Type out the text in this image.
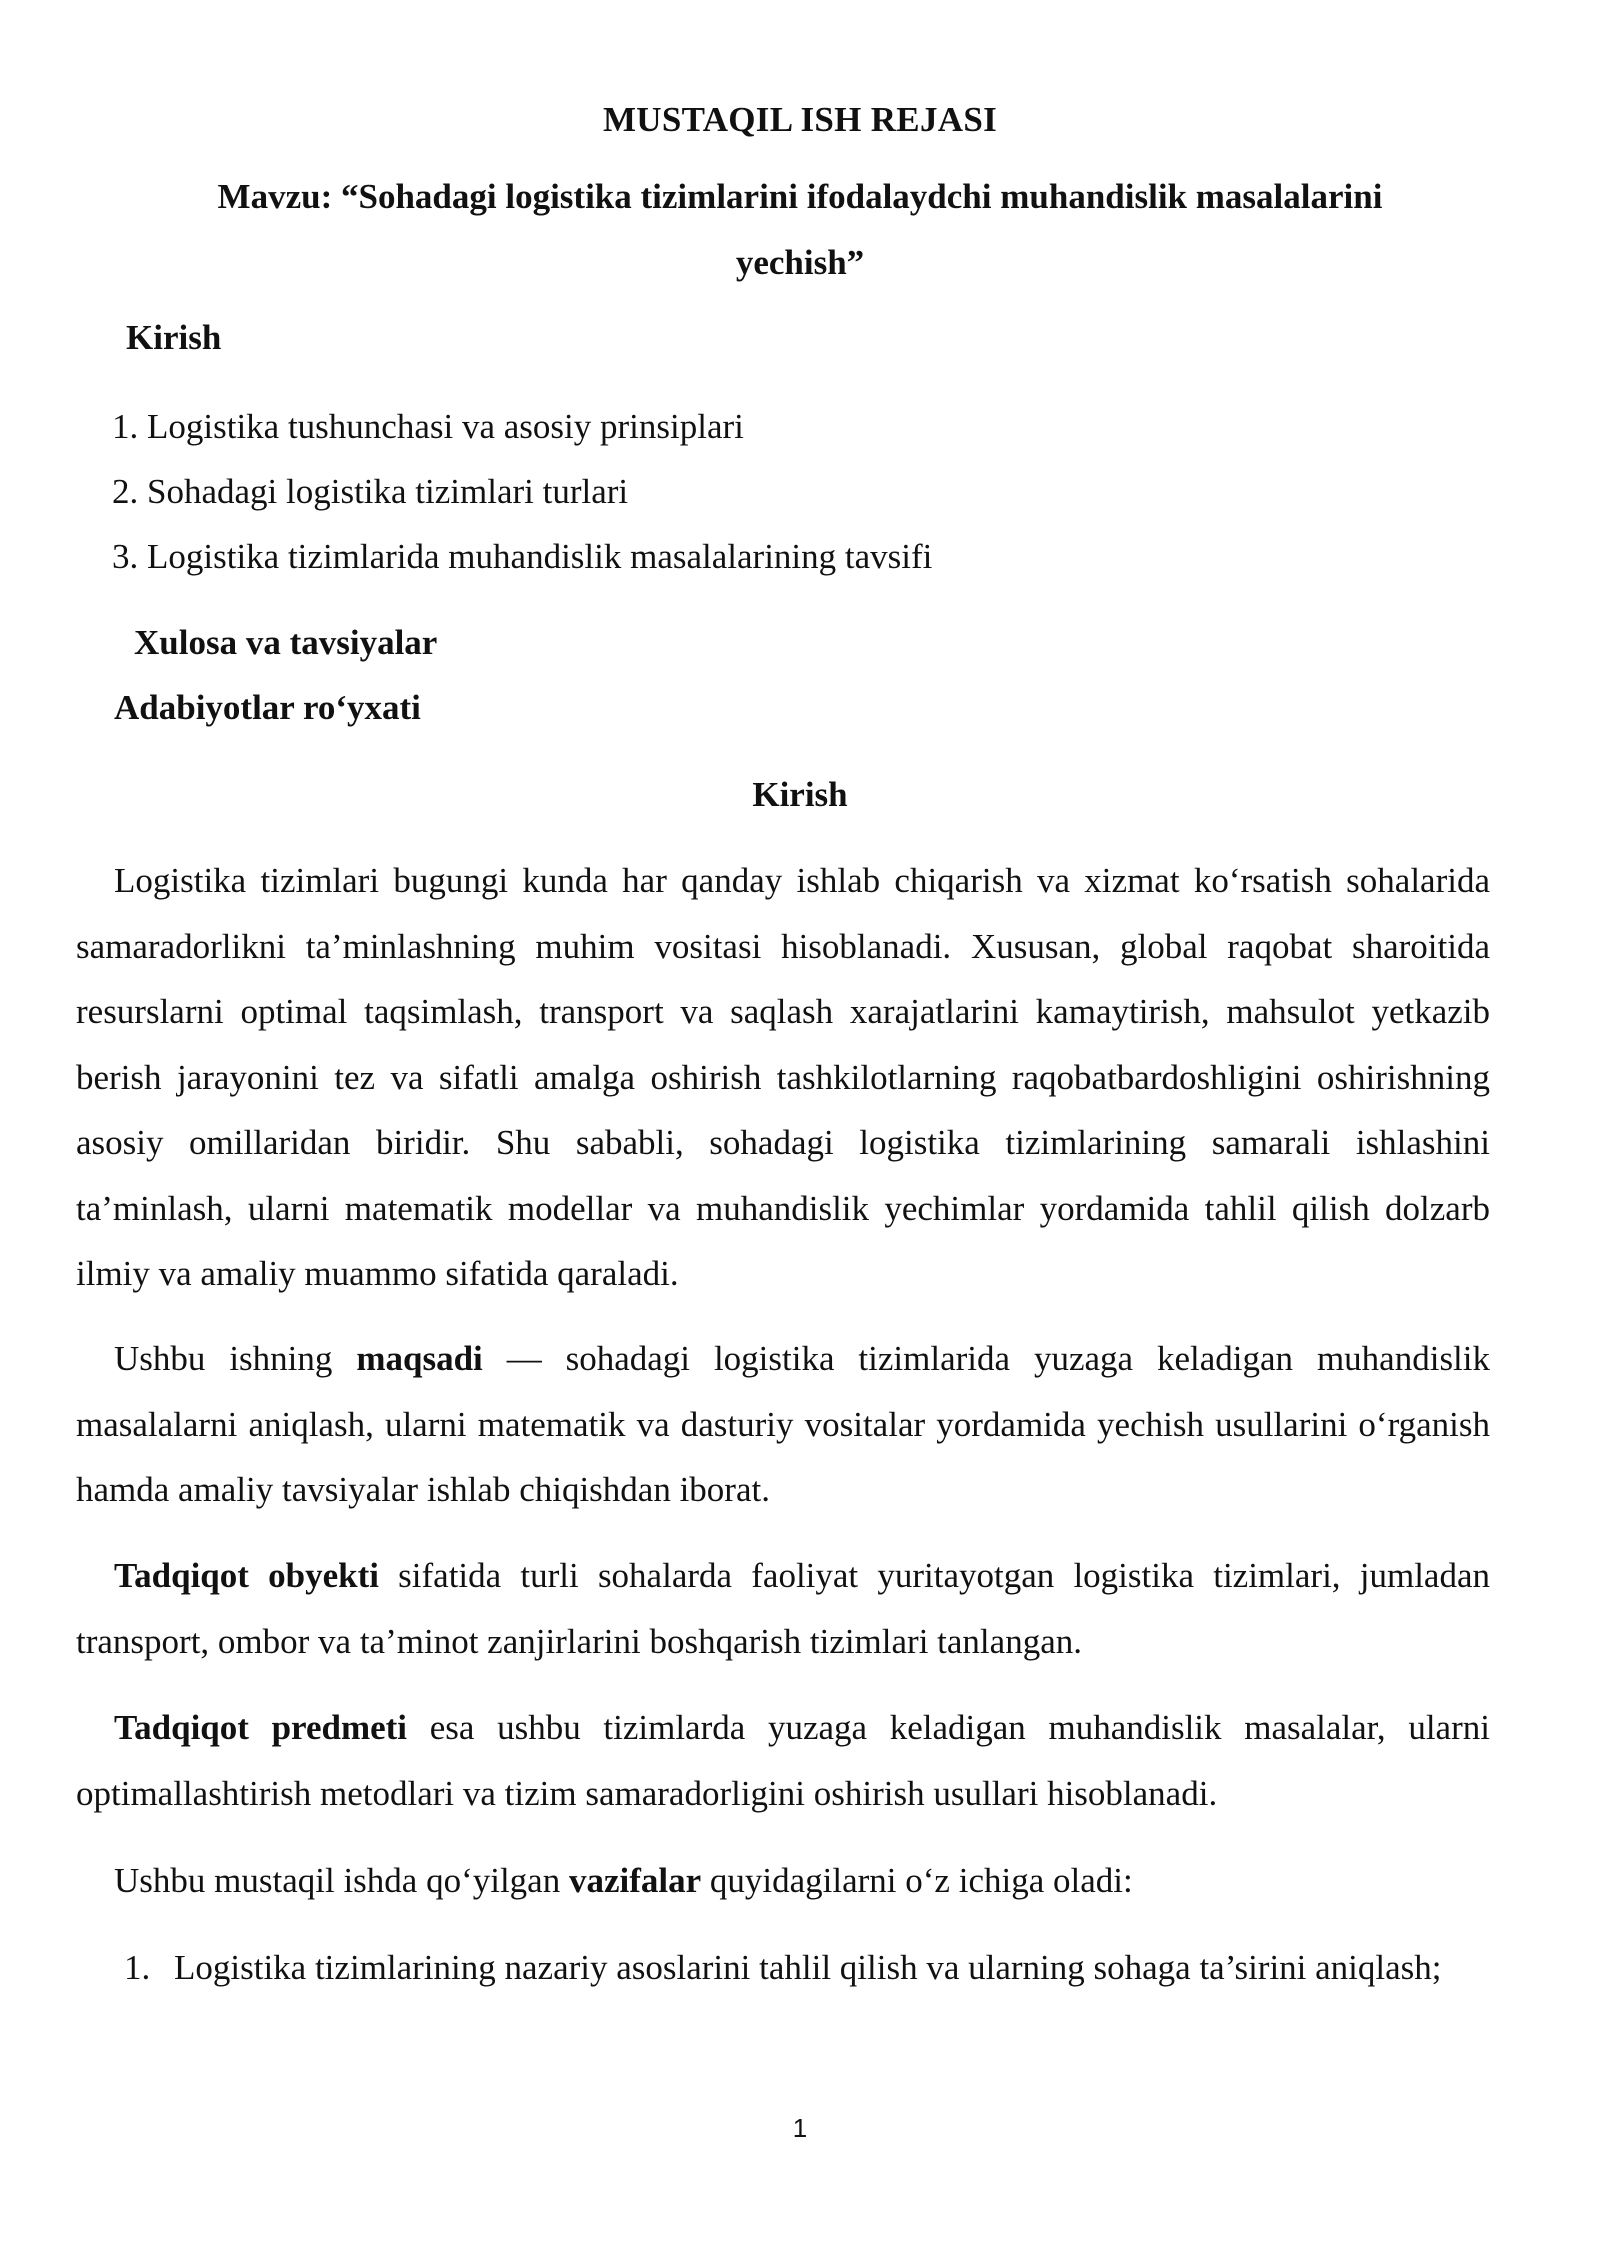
MUSTAQIL ISH REJASI
Mavzu: “Sohadagi logistika tizimlarini ifodalaydchi muhandislik masalalarini yechish”
Kirish
1. Logistika tushunchasi va asosiy prinsiplari
2. Sohadagi logistika tizimlari turlari
3. Logistika tizimlarida muhandislik masalalarining tavsifi
Xulosa va tavsiyalar
Adabiyotlar ro‘yxati
Kirish

Logistika tizimlari bugungi kunda har qanday ishlab chiqarish va xizmat ko‘rsatish sohalarida samaradorlikni ta’minlashning muhim vositasi hisoblanadi. Xususan, global raqobat sharoitida resurslarni optimal taqsimlash, transport va saqlash xarajatlarini kamaytirish, mahsulot yetkazib berish jarayonini tez va sifatli amalga oshirish tashkilotlarning raqobatbardoshligini oshirishning asosiy omillaridan biridir. Shu sababli, sohadagi logistika tizimlarining samarali ishlashini ta’minlash, ularni matematik modellar va muhandislik yechimlar yordamida tahlil qilish dolzarb ilmiy va amaliy muammo sifatida qaraladi.

Ushbu ishning maqsadi — sohadagi logistika tizimlarida yuzaga keladigan muhandislik masalalarni aniqlash, ularni matematik va dasturiy vositalar yordamida yechish usullarini o‘rganish hamda amaliy tavsiyalar ishlab chiqishdan iborat.

Tadqiqot obyekti sifatida turli sohalarda faoliyat yuritayotgan logistika tizimlari, jumladan transport, ombor va ta’minot zanjirlarini boshqarish tizimlari tanlangan.

Tadqiqot predmeti esa ushbu tizimlarda yuzaga keladigan muhandislik masalalar, ularni optimallashtirish metodlari va tizim samaradorligini oshirish usullari hisoblanadi.

Ushbu mustaqil ishda qo‘yilgan vazifalar quyidagilarni o‘z ichiga oladi:

1. Logistika tizimlarining nazariy asoslarini tahlil qilish va ularning sohaga ta’sirini aniqlash;
1
